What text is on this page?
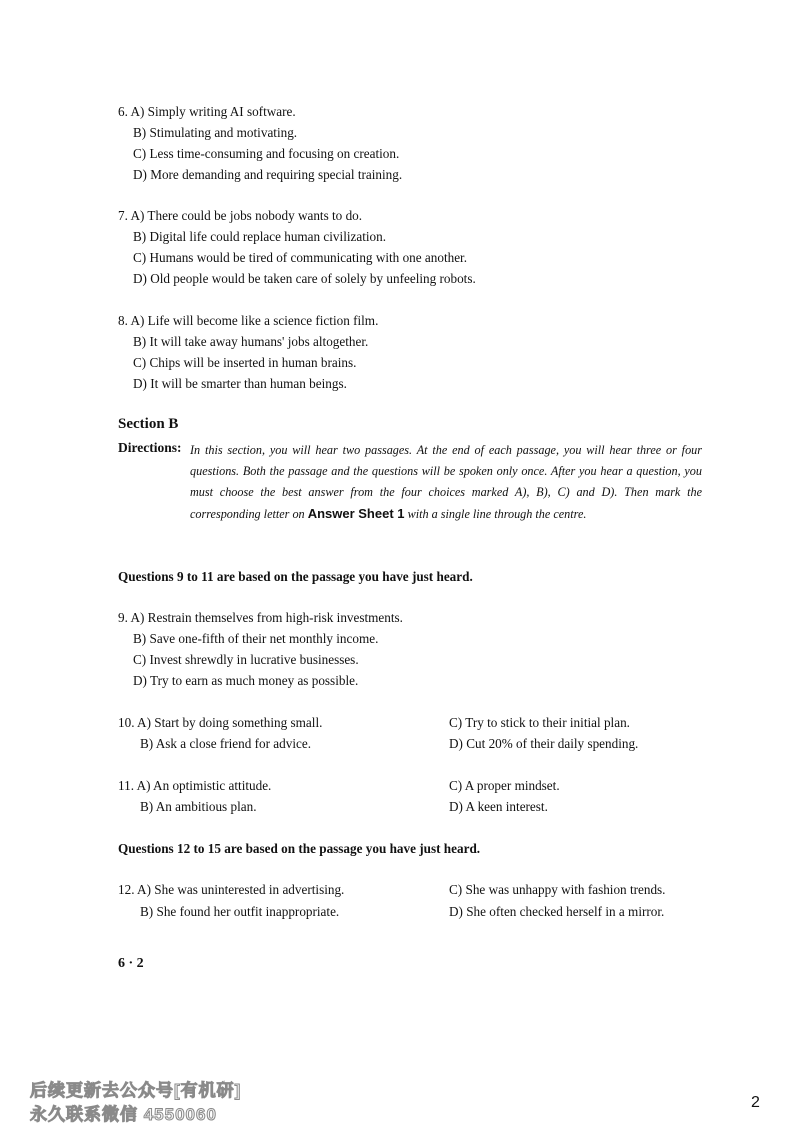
6. A) Simply writing AI software.
B) Stimulating and motivating.
C) Less time-consuming and focusing on creation.
D) More demanding and requiring special training.
7. A) There could be jobs nobody wants to do.
B) Digital life could replace human civilization.
C) Humans would be tired of communicating with one another.
D) Old people would be taken care of solely by unfeeling robots.
8. A) Life will become like a science fiction film.
B) It will take away humans' jobs altogether.
C) Chips will be inserted in human brains.
D) It will be smarter than human beings.
Section B
Directions: In this section, you will hear two passages. At the end of each passage, you will hear three or four questions. Both the passage and the questions will be spoken only once. After you hear a question, you must choose the best answer from the four choices marked A), B), C) and D). Then mark the corresponding letter on Answer Sheet 1 with a single line through the centre.
Questions 9 to 11 are based on the passage you have just heard.
9. A) Restrain themselves from high-risk investments.
B) Save one-fifth of their net monthly income.
C) Invest shrewdly in lucrative businesses.
D) Try to earn as much money as possible.
10. A) Start by doing something small.
B) Ask a close friend for advice.
C) Try to stick to their initial plan.
D) Cut 20% of their daily spending.
11. A) An optimistic attitude.
B) An ambitious plan.
C) A proper mindset.
D) A keen interest.
Questions 12 to 15 are based on the passage you have just heard.
12. A) She was uninterested in advertising.
B) She found her outfit inappropriate.
C) She was unhappy with fashion trends.
D) She often checked herself in a mirror.
6 · 2
后续更新去公众号[有机研]
永久联系微信 4550060
2
